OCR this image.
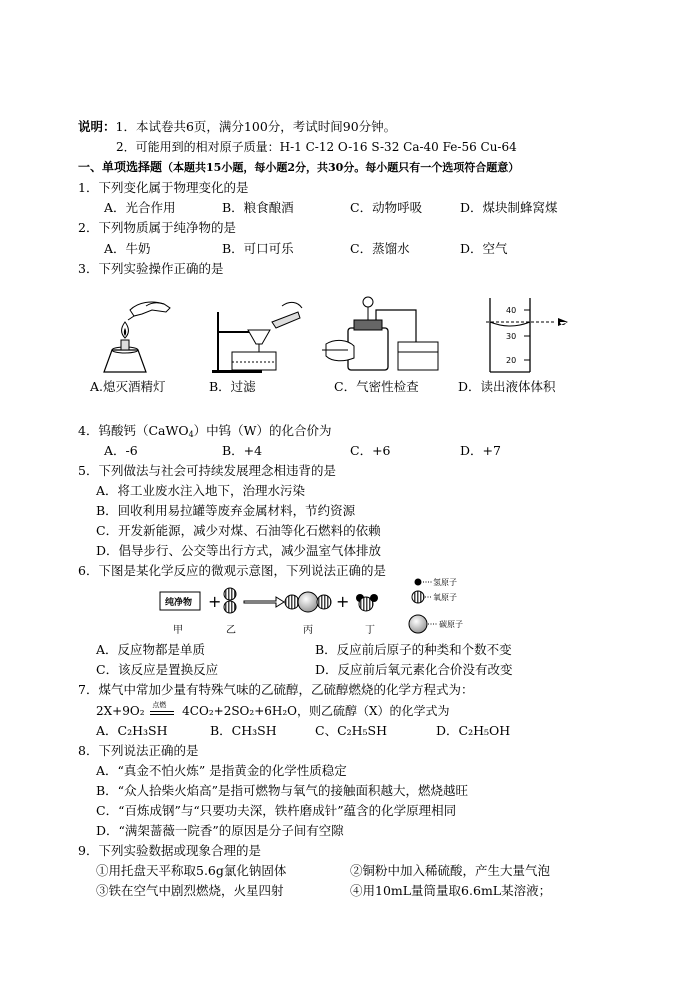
说明：1．本试卷共6页，满分100分，考试时间90分钟。
2．可能用到的相对原子质量：H-1 C-12 O-16 S-32 Ca-40 Fe-56 Cu-64
一、单项选择题（本题共15小题，每小题2分，共30分。每小题只有一个选项符合题意）
1．下列变化属于物理变化的是
A．光合作用	B．粮食酿酒	C．动物呼吸	D．煤块制蜂窝煤
2．下列物质属于纯净物的是
A．牛奶	B．可口可乐	C．蒸馏水	D．空气
3．下列实验操作正确的是
40
30
20
A.熄灭酒精灯	B．过滤	C．气密性检查	D．读出液体体积
4．钨酸钙（CaWO$_4$）中钨（W）的化合价为
A．-6	B．+4	C．+6	D．+7
5．下列做法与社会可持续发展理念相违背的是
A．将工业废水注入地下，治理水污染
B．回收利用易拉罐等废弃金属材料，节约资源
C．开发新能源，减少对煤、石油等化石燃料的依赖
D．倡导步行、公交等出行方式，减少温室气体排放
6．下图是某化学反应的微观示意图，下列说法正确的是
纯净物 +	+
氢原子
氧原子
碳原子
甲	乙	丙	丁
A．反应物都是单质	B．反应前后原子的种类和个数不变
C．该反应是置换反应	D．反应前后氧元素化合价没有改变
7．煤气中常加少量有特殊气味的乙硫醇，乙硫醇燃烧的化学方程式为：
2X+9O₂ 点燃 4CO₂+2SO₂+6H₂O，则乙硫醇（X）的化学式为
A．C₂H₃SH	B．CH₃SH	C、C₂H₅SH	D．C₂H₅OH
8．下列说法正确的是
A．“真金不怕火炼” 是指黄金的化学性质稳定
B．“众人拾柴火焰高”是指可燃物与氧气的接触面积越大，燃烧越旺
C．“百炼成钢”与“只要功夫深，铁杵磨成针”蕴含的化学原理相同
D．“满架蔷薇一院香”的原因是分子间有空隙
9．下列实验数据或现象合理的是
①用托盘天平称取5.6g氯化钠固体	②铜粉中加入稀硫酸，产生大量气泡
③铁在空气中剧烈燃烧，火星四射	④用10mL量筒量取6.6mL某溶液；
